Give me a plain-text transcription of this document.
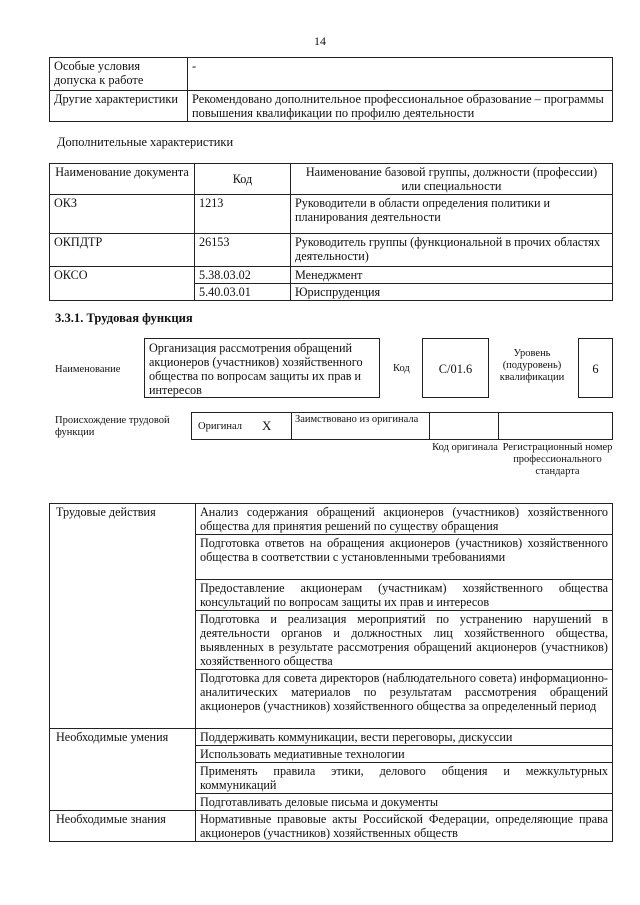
14
Особые условия допуска к работе	-
Другие характеристики	Рекомендовано дополнительное профессиональное образование – программы повышения квалификации по профилю деятельности
Дополнительные характеристики
Наименование документа	Код	Наименование базовой группы, должности (профессии) или специальности
ОКЗ	1213	Руководители в области определения политики и планирования деятельности
ОКПДТР	26153	Руководитель группы (функциональной в прочих областях деятельности)
ОКСО	5.38.03.02	Менеджмент
	5.40.03.01	Юриспруденция
3.3.1. Трудовая функция
Наименование
Организация рассмотрения обращений акционеров (участников) хозяйственного общества по вопросам защиты их прав и интересов
Код	C/01.6
Уровень (подуровень) квалификации
6
Происхождение трудовой функции
Оригинал X	Заимствовано из оригинала
Код оригинала Регистрационный номер профессионального стандарта
Трудовые действия	Анализ содержания обращений акционеров (участников) хозяйственного общества для принятия решений по существу обращения
	Подготовка ответов на обращения акционеров (участников) хозяйственного общества в соответствии с установленными требованиями
	Предоставление акционерам (участникам) хозяйственного общества консультаций по вопросам защиты их прав и интересов
	Подготовка и реализация мероприятий по устранению нарушений в деятельности органов и должностных лиц хозяйственного общества, выявленных в результате рассмотрения обращений акционеров (участников) хозяйственного общества
	Подготовка для совета директоров (наблюдательного совета) информационно-аналитических материалов по результатам рассмотрения обращений акционеров (участников) хозяйственного общества за определенный период
Необходимые умения	Поддерживать коммуникации, вести переговоры, дискуссии
	Использовать медиативные технологии
	Применять правила этики, делового общения и межкультурных коммуникаций
	Подготавливать деловые письма и документы
Необходимые знания	Нормативные правовые акты Российской Федерации, определяющие права акционеров (участников) хозяйственных обществ
